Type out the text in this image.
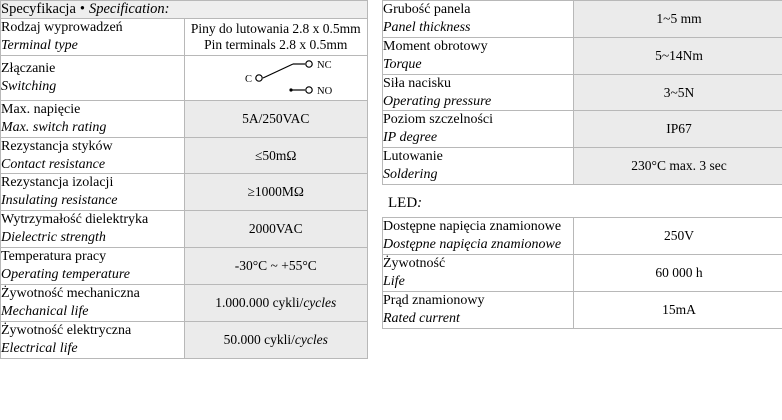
Specyfikacja • Specification:	

Rodzaj wyprowadzeń
Terminal type	Piny do lutowania 2.8 x 0.5mm
Pin terminals 2.8 x 0.5mm

Złączanie
Switching	NC
C
NO

Max. napięcie
Max. switch rating	5A/250VAC

Rezystancja styków
Contact resistance	≤50mΩ

Rezystancja izolacji
Insulating resistance	≥1000MΩ

Wytrzymałość dielektryka
Dielectric strength	2000VAC

Temperatura pracy
Operating temperature	-30°C ~ +55°C

Żywotność mechaniczna
Mechanical life	1.000.000 cykli/cycles

Żywotność elektryczna
Electrical life	50.000 cykli/cycles
Grubość panela
Panel thickness	1~5 mm

Moment obrotowy
Torque	5~14Nm

Siła nacisku
Operating pressure	3~5N

Poziom szczelności
IP degree	IP67

Lutowanie
Soldering	230°C max. 3 sec
LED:
Dostępne napięcia znamionowe
Dostępne napięcia znamionowe	250V

Żywotność
Life	60 000 h

Prąd znamionowy
Rated current	15mA
